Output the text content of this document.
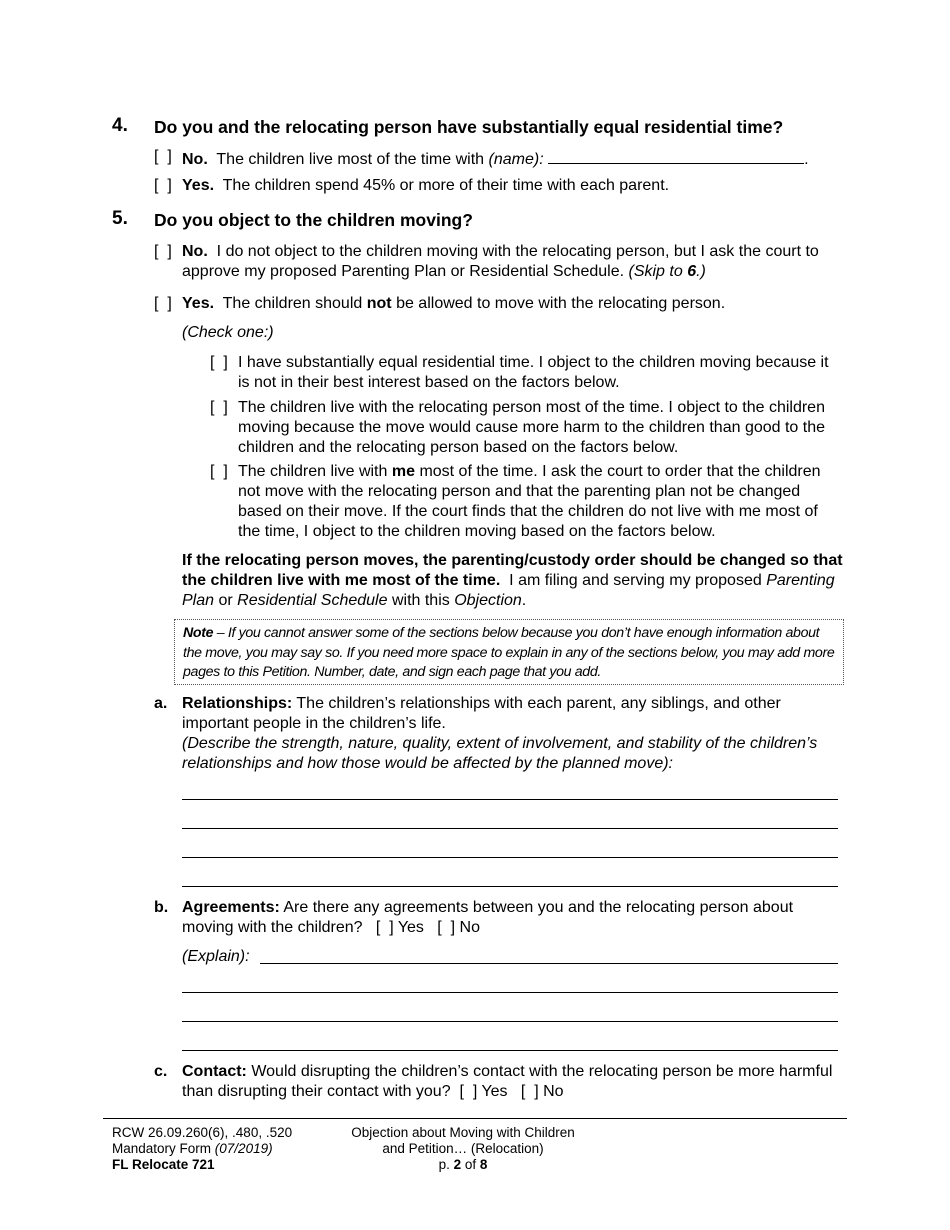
4. Do you and the relocating person have substantially equal residential time?
[  ] No. The children live most of the time with (name):	.
[  ] Yes. The children spend 45% or more of their time with each parent.
5. Do you object to the children moving?
[  ] No. I do not object to the children moving with the relocating person, but I ask the court to approve my proposed Parenting Plan or Residential Schedule. (Skip to 6.)
[  ] Yes. The children should not be allowed to move with the relocating person.
(Check one:)
[  ] I have substantially equal residential time. I object to the children moving because it is not in their best interest based on the factors below.
[  ] The children live with the relocating person most of the time. I object to the children moving because the move would cause more harm to the children than good to the children and the relocating person based on the factors below.
[  ] The children live with me most of the time. I ask the court to order that the children not move with the relocating person and that the parenting plan not be changed based on their move. If the court finds that the children do not live with me most of the time, I object to the children moving based on the factors below.
If the relocating person moves, the parenting/custody order should be changed so that the children live with me most of the time. I am filing and serving my proposed Parenting Plan or Residential Schedule with this Objection.
Note – If you cannot answer some of the sections below because you don’t have enough information about the move, you may say so. If you need more space to explain in any of the sections below, you may add more pages to this Petition. Number, date, and sign each page that you add.
a. Relationships: The children’s relationships with each parent, any siblings, and other important people in the children’s life.
(Describe the strength, nature, quality, extent of involvement, and stability of the children’s relationships and how those would be affected by the planned move):
b. Agreements: Are there any agreements between you and the relocating person about moving with the children? [  ] Yes [  ] No
(Explain):
c. Contact: Would disrupting the children’s contact with the relocating person be more harmful than disrupting their contact with you? [  ] Yes [  ] No
RCW 26.09.260(6), .480, .520
Mandatory Form (07/2019)
FL Relocate 721
Objection about Moving with Children
and Petition… (Relocation)
p. 2 of 8
